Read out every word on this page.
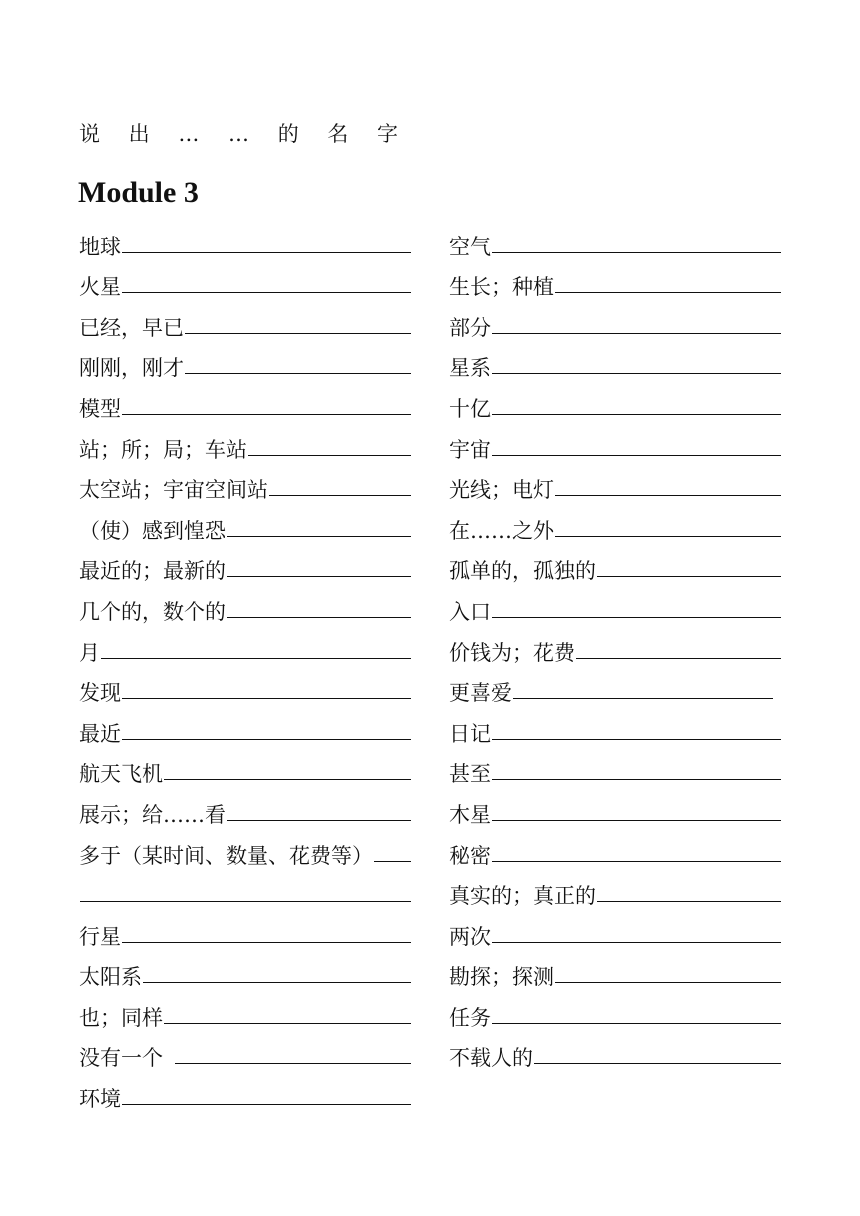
说 出 … … 的 名 字
Module 3
地球
火星
已经，早已
刚刚，刚才
模型
站；所；局；车站
太空站；宇宙空间站
（使）感到惶恐
最近的；最新的
几个的，数个的
月
发现
最近
航天飞机
展示；给……看
多于（某时间、数量、花费等）
行星
太阳系
也；同样
没有一个
环境
空气
生长；种植
部分
星系
十亿
宇宙
光线；电灯
在……之外
孤单的，孤独的
入口
价钱为；花费
更喜爱
日记
甚至
木星
秘密
真实的；真正的
两次
勘探；探测
任务
不载人的
